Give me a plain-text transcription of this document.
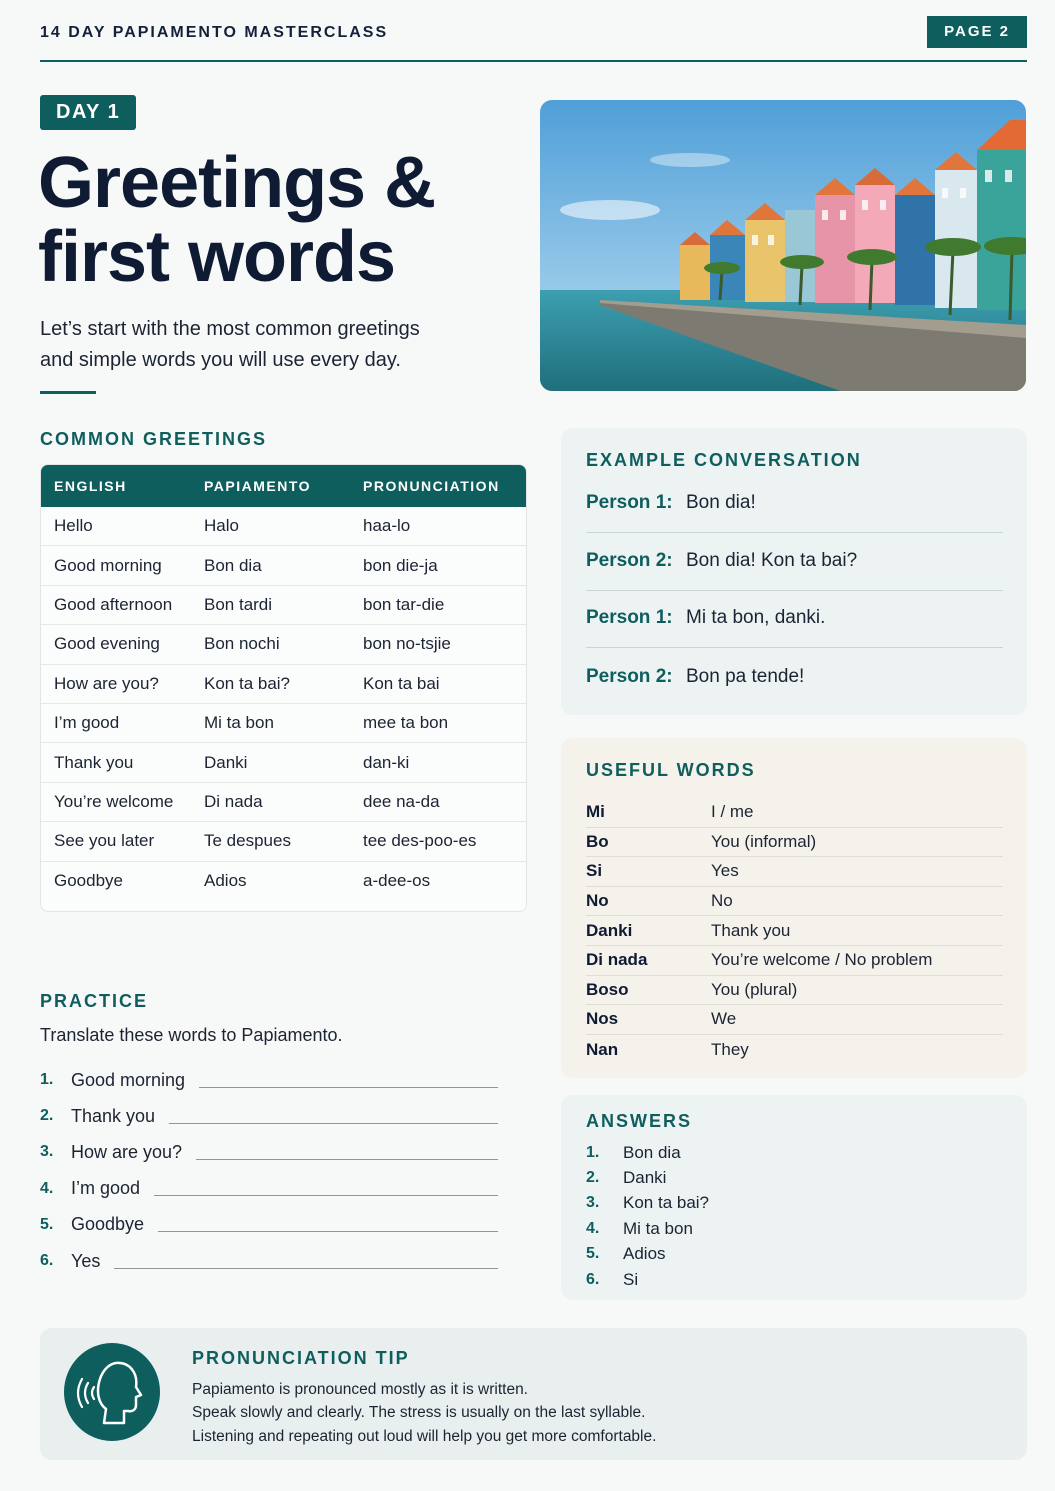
14 DAY PAPIAMENTO MASTERCLASS	PAGE 2
DAY 1
Greetings &
first words
Let’s start with the most common greetings
and simple words you will use every day.
COMMON GREETINGS
ENGLISH	PAPIAMENTO	PRONUNCIATION
Hello	Halo	haa-lo
Good morning	Bon dia	bon die-ja
Good afternoon	Bon tardi	bon tar-die
Good evening	Bon nochi	bon no-tsjie
How are you?	Kon ta bai?	Kon ta bai
I’m good	Mi ta bon	mee ta bon
Thank you	Danki	dan-ki
You’re welcome	Di nada	dee na-da
See you later	Te despues	tee des-poo-es
Goodbye	Adios	a-dee-os
PRACTICE
Translate these words to Papiamento.
1. Good morning
2. Thank you
3. How are you?
4. I’m good
5. Goodbye
6. Yes
EXAMPLE CONVERSATION
Person 1: Bon dia!
Person 2: Bon dia! Kon ta bai?
Person 1: Mi ta bon, danki.
Person 2: Bon pa tende!
USEFUL WORDS
Mi	I / me
Bo	You (informal)
Si	Yes
No	No
Danki	Thank you
Di nada	You’re welcome / No problem
Boso	You (plural)
Nos	We
Nan	They
ANSWERS
1.	Bon dia
2.	Danki
3.	Kon ta bai?
4.	Mi ta bon
5.	Adios
6.	Si
PRONUNCIATION TIP
Papiamento is pronounced mostly as it is written.
Speak slowly and clearly. The stress is usually on the last syllable.
Listening and repeating out loud will help you get more comfortable.
